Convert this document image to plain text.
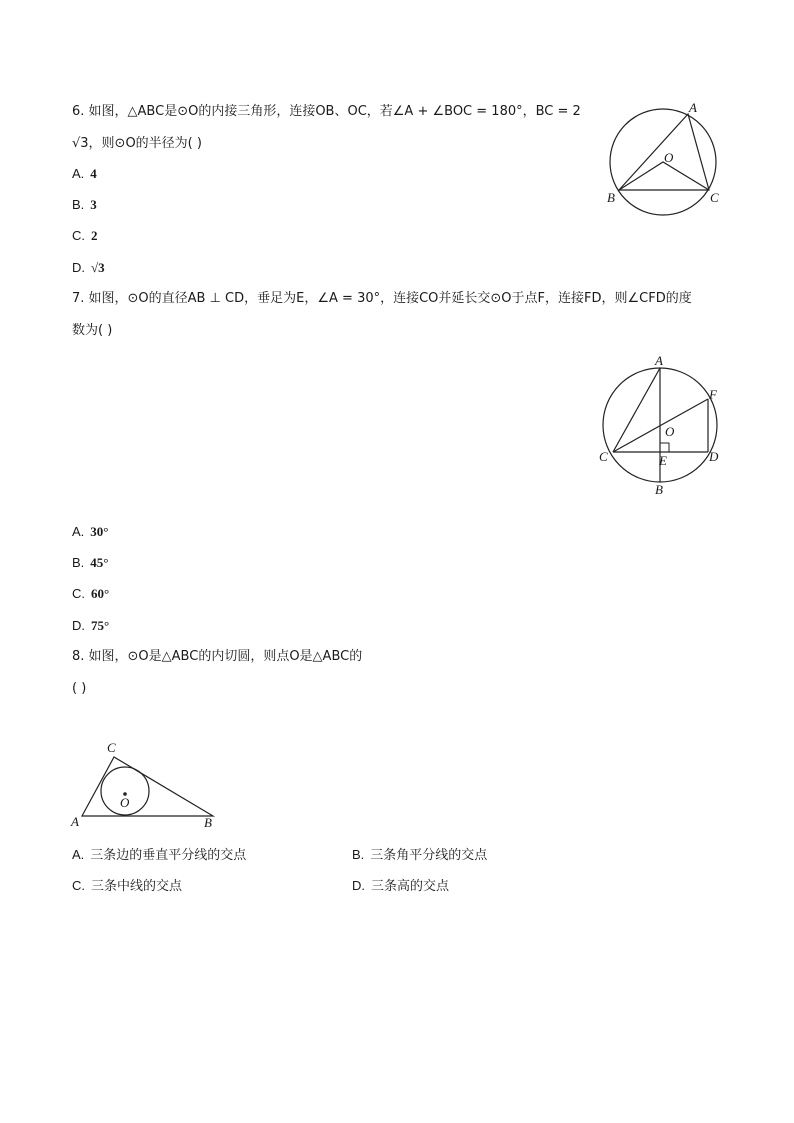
6. 如图，△ABC是⊙O的内接三角形，连接OB、OC，若∠A + ∠BOC = 180°，BC = 2
√3，则⊙O的半径为( )
A. 4
B. 3
C. 2
D. √3
A
B	C
O
7. 如图，⊙O的直径AB ⊥ CD，垂足为E，∠A = 30°，连接CO并延长交⊙O于点F，连接FD，则∠CFD的度
数为( )
A
B
C	D
E
F
O
A. 30°
B. 45°
C. 60°
D. 75°
8. 如图，⊙O是△ABC的内切圆，则点O是△ABC的
( )
A	B
C
O
A. 三条边的垂直平分线的交点	B. 三条角平分线的交点
C. 三条中线的交点	D. 三条高的交点
